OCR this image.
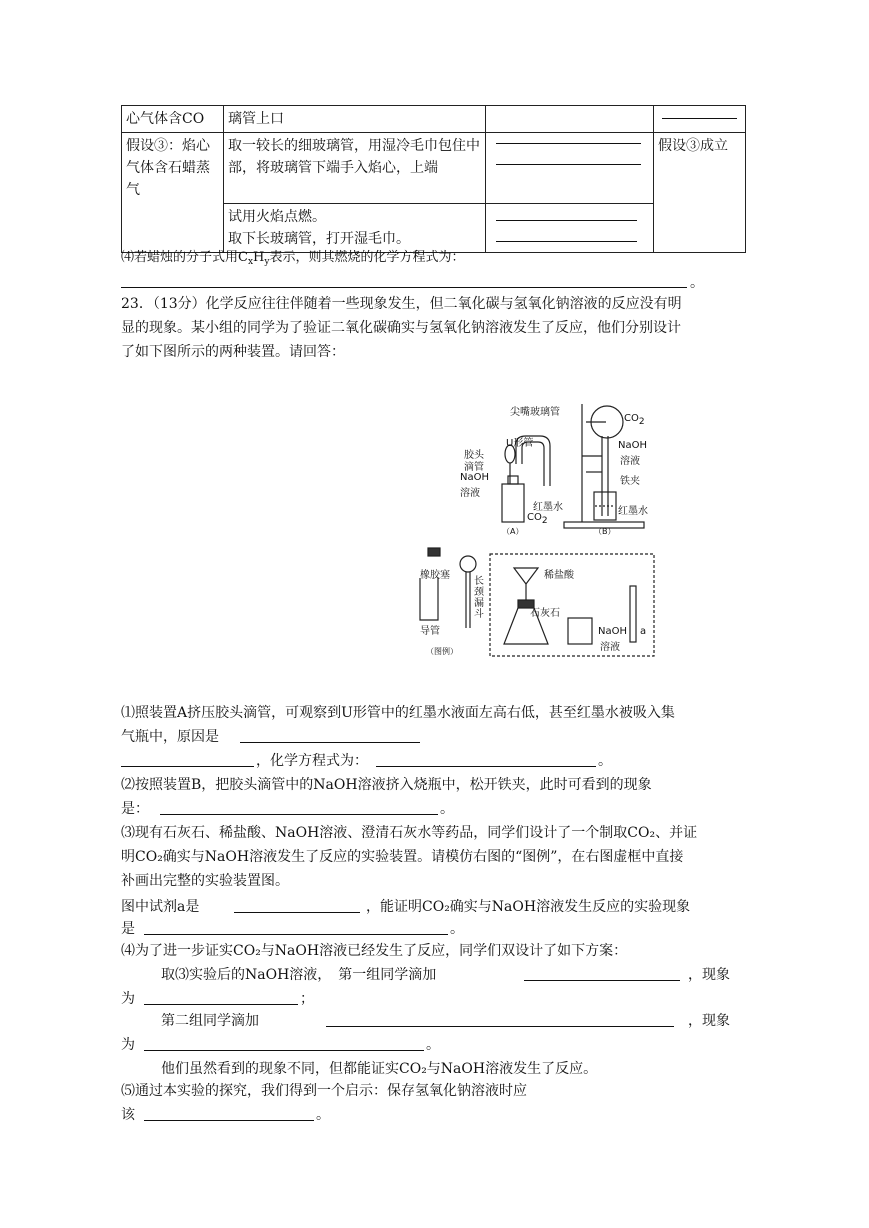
心气体含CO	璃管上口		

假设③：焰心气体含石蜡蒸气	取一较长的细玻璃管，用湿冷毛巾包住中部，将玻璃管下端手入焰心，上端		假设③成立

	试用火焰点燃。
取下长玻璃管，打开湿毛巾。		

⑷若蜡烛的分子式用$C_xH_y$表示，则其燃烧的化学方程式为：
。
23．（13分）化学反应往往伴随着一些现象发生，但二氧化碳与氢氧化钠溶液的反应没有明
显的现象。某小组的同学为了验证二氧化碳确实与氢氧化钠溶液发生了反应，他们分别设计
了如下图所示的两种装置。请回答：
尖嘴玻璃管
CO2
NaOH
溶液
铁夹
红墨水
（B）
U形管
胶头
滴管
NaOH
溶液
红墨水
CO2
（A）
橡胶塞
导管
长颈漏斗
（图例）
稀盐酸
石灰石
NaOH
溶液
a
⑴照装置A挤压胶头滴管，可观察到U形管中的红墨水液面左高右低，甚至红墨水被吸入集
气瓶中，原因是
，化学方程式为：	。
⑵按照装置B，把胶头滴管中的NaOH溶液挤入烧瓶中，松开铁夹，此时可看到的现象
是：	。
⑶现有石灰石、稀盐酸、NaOH溶液、澄清石灰水等药品，同学们设计了一个制取CO₂、并证
明CO₂确实与NaOH溶液发生了反应的实验装置。请模仿右图的“图例”，在右图虚框中直接
补画出完整的实验装置图。
图中试剂a是	，能证明CO₂确实与NaOH溶液发生反应的实验现象
是	。
⑷为了进一步证实CO₂与NaOH溶液已经发生了反应，同学们双设计了如下方案：
取⑶实验后的NaOH溶液，　第一组同学滴加	，现象
为	；
第二组同学滴加	，现象
为	。
他们虽然看到的现象不同，但都能证实CO₂与NaOH溶液发生了反应。
⑸通过本实验的探究，我们得到一个启示：保存氢氧化钠溶液时应
该	。
